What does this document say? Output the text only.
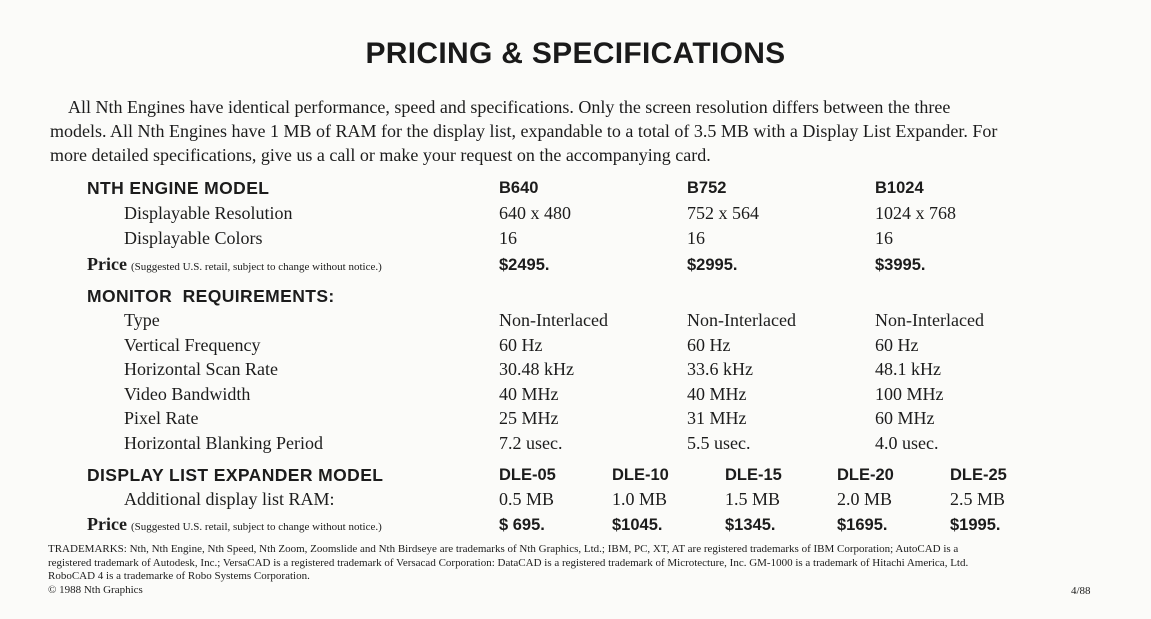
PRICING & SPECIFICATIONS
All Nth Engines have identical performance, speed and specifications. Only the screen resolution differs between the three
models. All Nth Engines have 1 MB of RAM for the display list, expandable to a total of 3.5 MB with a Display List Expander. For
more detailed specifications, give us a call or make your request on the accompanying card.
NTH ENGINE MODEL	B640	B752	B1024
Displayable Resolution	640 x 480	752 x 564	1024 x 768
Displayable Colors	16	16	16
Price (Suggested U.S. retail, subject to change without notice.)	$2495.	$2995.	$3995.
MONITOR  REQUIREMENTS:
Type	Non-Interlaced	Non-Interlaced	Non-Interlaced
Vertical Frequency	60 Hz	60 Hz	60 Hz
Horizontal Scan Rate	30.48 kHz	33.6 kHz	48.1 kHz
Video Bandwidth	40 MHz	40 MHz	100 MHz
Pixel Rate	25 MHz	31 MHz	60 MHz
Horizontal Blanking Period	7.2 usec.	5.5 usec.	4.0 usec.
DISPLAY LIST EXPANDER MODEL	DLE-05	DLE-10	DLE-15	DLE-20	DLE-25
Additional display list RAM:	0.5 MB	1.0 MB	1.5 MB	2.0 MB	2.5 MB
Price (Suggested U.S. retail, subject to change without notice.)	$ 695.	$1045.	$1345.	$1695.	$1995.
TRADEMARKS: Nth, Nth Engine, Nth Speed, Nth Zoom, Zoomslide and Nth Birdseye are trademarks of Nth Graphics, Ltd.; IBM, PC, XT, AT are registered trademarks of IBM Corporation; AutoCAD is a
registered trademark of Autodesk, Inc.; VersaCAD is a registered trademark of Versacad Corporation: DataCAD is a registered trademark of Microtecture, Inc. GM-1000 is a trademark of Hitachi America, Ltd.
RoboCAD 4 is a trademarke of Robo Systems Corporation.
© 1988 Nth Graphics	4/88
